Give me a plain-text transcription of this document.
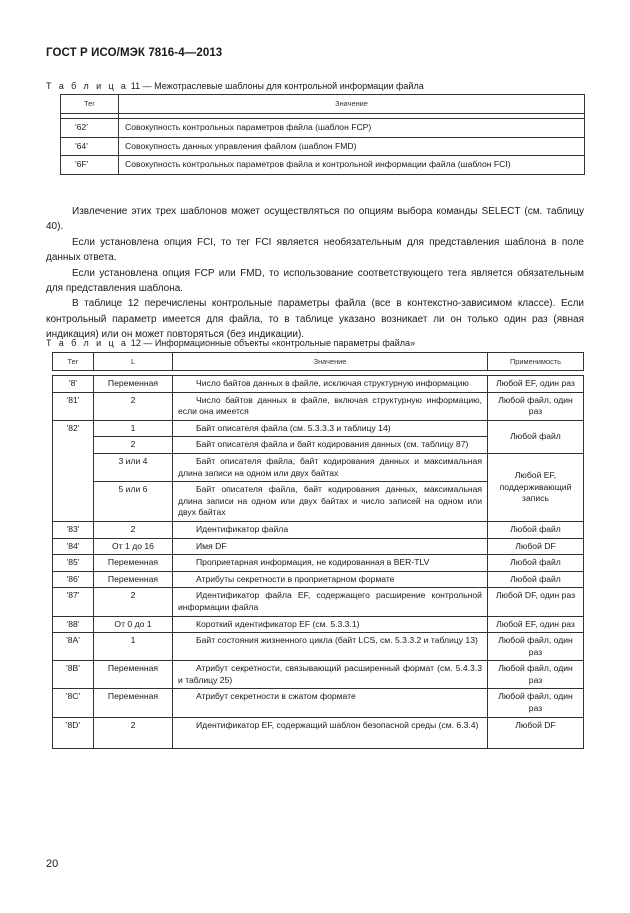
ГОСТ Р ИСО/МЭК 7816-4—2013
Т а б л и ц а 11 — Межотраслевые шаблоны для контрольной информации файла
Тег	Значение

'62'	Совокупность контрольных параметров файла (шаблон FCP)
'64'	Совокупность данных управления файлом (шаблон FMD)
'6F'	Совокупность контрольных параметров файла и контрольной информации файла (шаблон FCI)

Извлечение этих трех шаблонов может осуществляться по опциям выбора команды SELECT (см. таблицу 40).

Если установлена опция FCI, то тег FCI является необязательным для представления шаблона в поле данных ответа.

Если установлена опция FCP или FMD, то использование соответствующего тега является обязательным для представления шаблона.

В таблице 12 перечислены контрольные параметры файла (все в контекстно-зависимом классе). Если контрольный параметр имеется для файла, то в таблице указано возникает ли он только один раз (явная индикация) или он может повторяться (без индикации).

Т а б л и ц а 12 — Информационные объекты «контрольные параметры файла»
Тег	L	Значение	Применимость

'8'	Переменная	Число байтов данных в файле, исключая структурную информацию	Любой EF, один раз
'81'	2	Число байтов данных в файле, включая структурную информацию, если она имеется	Любой файл, один раз
'82'	1	Байт описателя файла (см. 5.3.3.3 и таблицу 14)	Любой файл
	2	Байт описателя файла и байт кодирования данных (см. таблицу 87)	
	3 или 4	Байт описателя файла, байт кодирования данных и максимальная длина записи на одном или двух байтах	Любой EF, поддерживающий запись
	5 или 6	Байт описателя файла, байт кодирования данных, максимальная длина записи на одном или двух байтах и число записей на одном или двух байтах	
'83'	2	Идентификатор файла	Любой файл
'84'	От 1 до 16	Имя DF	Любой DF
'85'	Переменная	Проприетарная информация, не кодированная в BER-TLV	Любой файл
'86'	Переменная	Атрибуты секретности в проприетарном формате	Любой файл
'87'	2	Идентификатор файла EF, содержащего расширение контрольной информации файла	Любой DF, один раз
'88'	От 0 до 1	Короткий идентификатор EF (см. 5.3.3.1)	Любой EF, один раз
'8A'	1	Байт состояния жизненного цикла (байт LCS, см. 5.3.3.2 и таблицу 13)	Любой файл, один раз
'8B'	Переменная	Атрибут секретности, связывающий расширенный формат (см. 5.4.3.3 и таблицу 25)	Любой файл, один раз
'8C'	Переменная	Атрибут секретности в сжатом формате	Любой файл, один раз
'8D'	2	Идентификатор EF, содержащий шаблон безопасной среды (см. 6.3.4)	Любой DF
20
